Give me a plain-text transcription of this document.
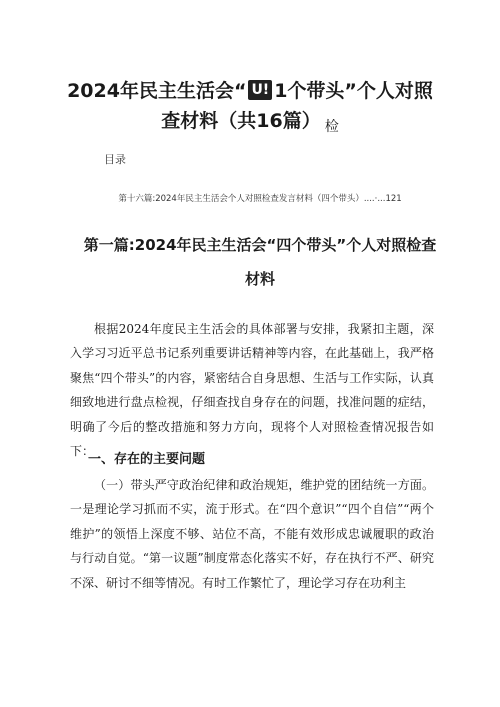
2024年民主生活会“ U! 1个带头”个人对照
查材料（共16篇） $_检$
目录
第十六篇:2024年民主生活会个人对照检查发言材料（四个带头）....·...121
第一篇:2024年民主生活会“四个带头”个人对照检查
材料

根据2024年度民主生活会的具体部署与安排，我紧扣主题，深入学习习近平总书记系列重要讲话精神等内容，在此基础上，我严格聚焦“四个带头”的内容，紧密结合自身思想、生活与工作实际，认真细致地进行盘点检视，仔细查找自身存在的问题，找准问题的症结，明确了今后的整改措施和努力方向，现将个人对照检查情况报告如下：

一、存在的主要问题

（一）带头严守政治纪律和政治规矩，维护党的团结统一方面。一是理论学习抓而不实，流于形式。在“四个意识”“四个自信”“两个维护”的领悟上深度不够、站位不高，不能有效形成忠诚履职的政治与行动自觉。“第一议题”制度常态化落实不好，存在执行不严、研究不深、研讨不细等情况。有时工作繁忙了，理论学习存在功利主
